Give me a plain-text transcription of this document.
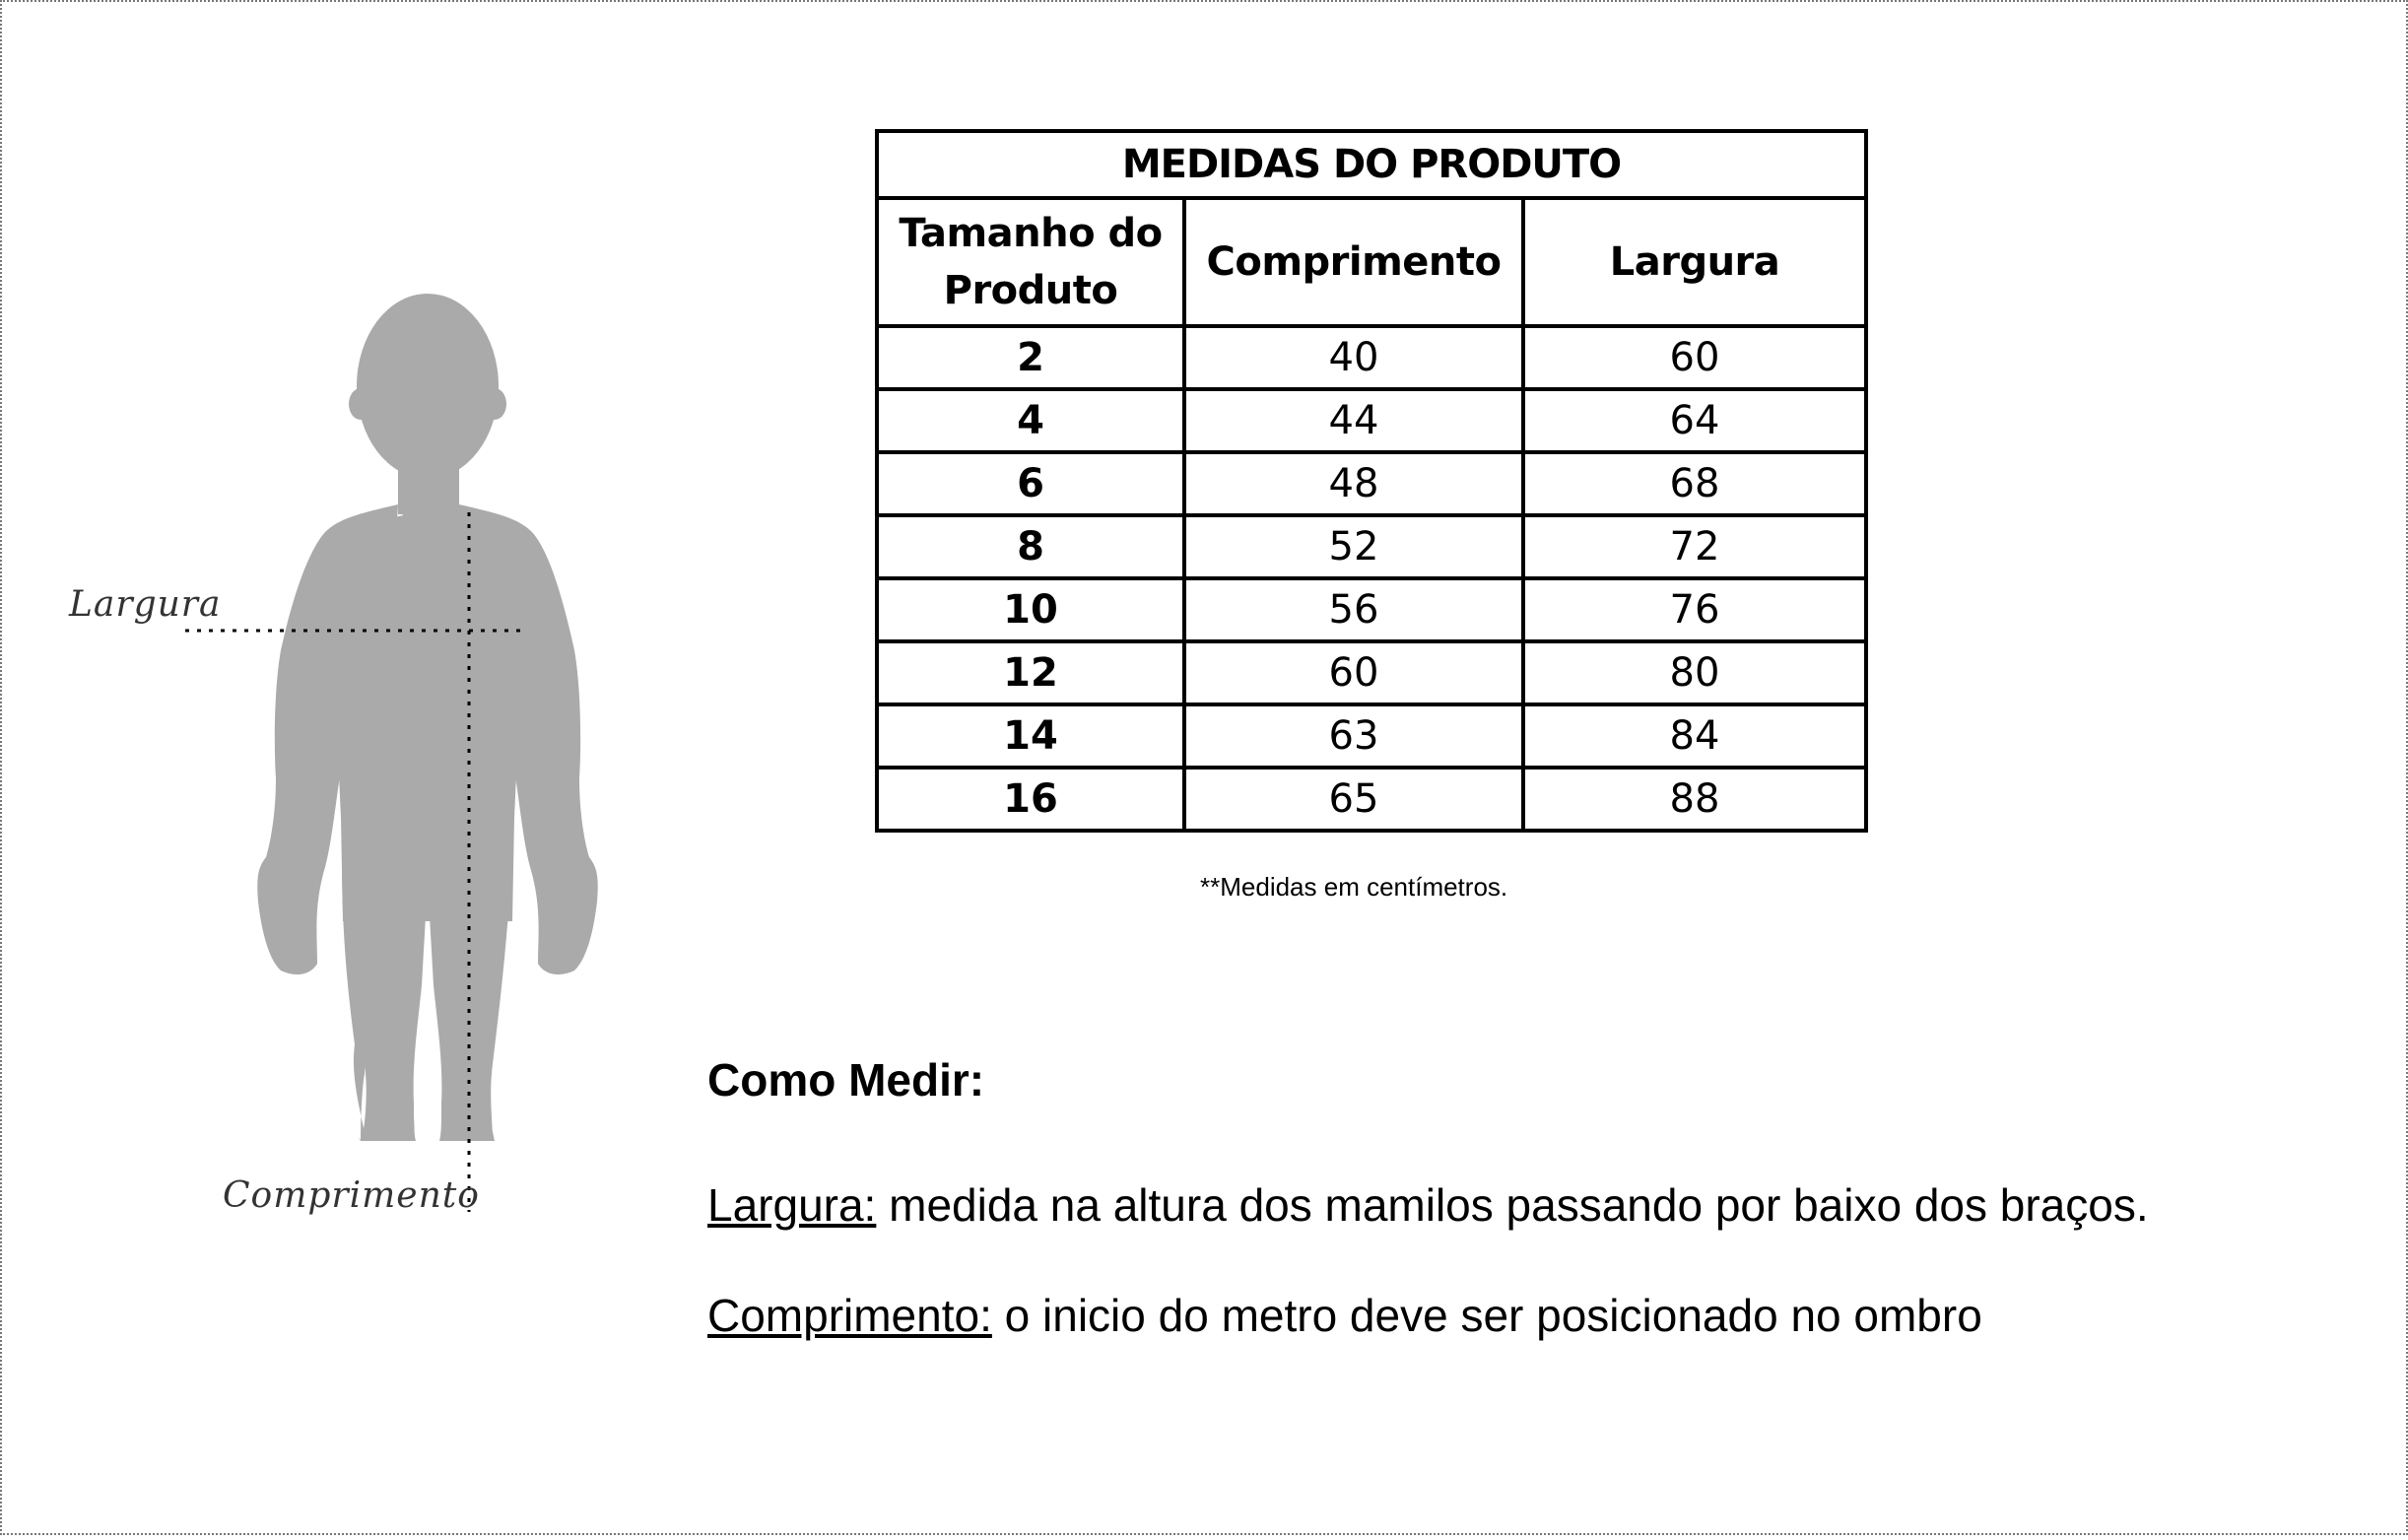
Largura
Comprimento
MEDIDAS DO PRODUTO		
Tamanho do
Produto	Comprimento	Largura
2	40	60
4	44	64
6	48	68
8	52	72
10	56	76
12	60	80
14	63	84
16	65	88
**Medidas em centímetros.
Como Medir:
Largura: medida na altura dos mamilos passando por baixo dos braços.
Comprimento: o inicio do metro deve ser posicionado no ombro
